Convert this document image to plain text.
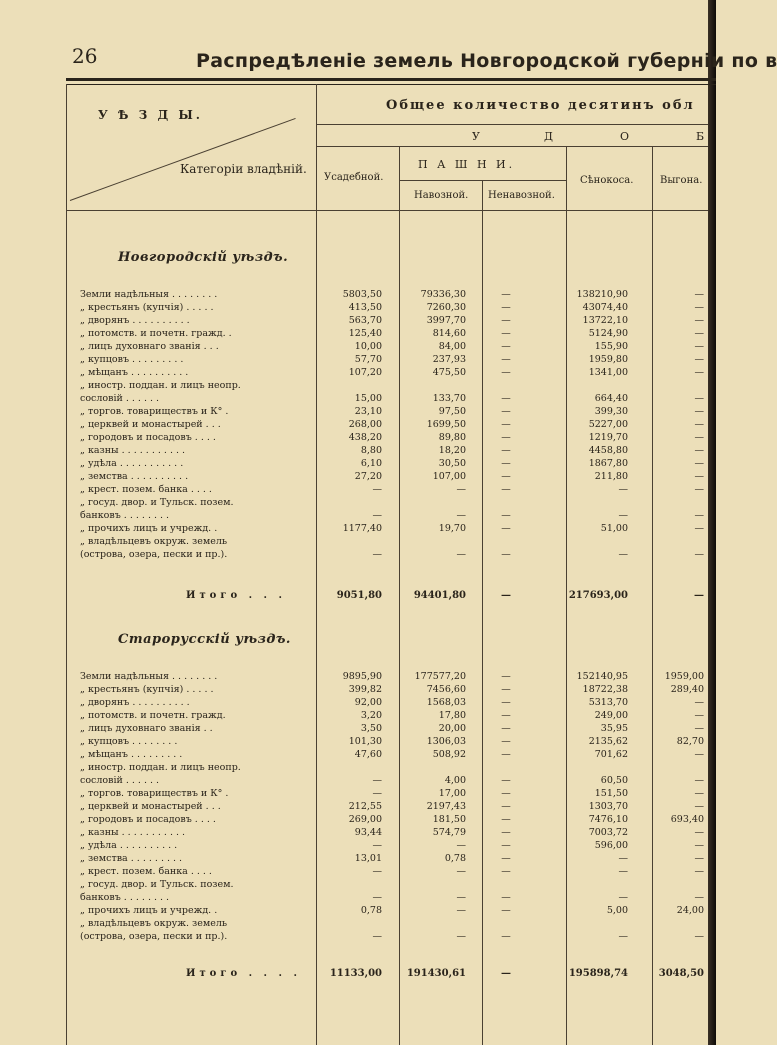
26	Распредѣленіе земель Новгородской губерніи по в
У Ѣ З Д Ы.
Категоріи владѣній.
Общее количество десятинъ обл
У	Д	О	Б
П А Ш Н И.
Усадебной.
Навозной. Ненавозной.
Сѣнокоса.	Выгона.
Новгородскій уѣздъ.
Старорусскій уѣздъ.
Земли надѣльныя . . . . . . . .	5803,50	79336,30	—	138210,90	—
„ крестьянъ (купчія) . . . . .	413,50	7260,30	—	43074,40	—
„ дворянъ . . . . . . . . . .	563,70	3997,70	—	13722,10	—
„ потомств. и почетн. гражд. .	125,40	814,60	—	5124,90	—
„ лицъ духовнаго званія . . .	10,00	84,00	—	155,90	—
„ купцовъ . . . . . . . . .	57,70	237,93	—	1959,80	—
„ мѣщанъ . . . . . . . . . .	107,20	475,50	—	1341,00	—
„ иностр. поддан. и лицъ неопр.
сословій . . . . . .	15,00	133,70	—	664,40	—
„ торгов. товариществъ и К° .	23,10	97,50	—	399,30	—
„ церквей и монастырей . . .	268,00	1699,50	—	5227,00	—
„ городовъ и посадовъ . . . .	438,20	89,80	—	1219,70	—
„ казны . . . . . . . . . . .	8,80	18,20	—	4458,80	—
„ удѣла . . . . . . . . . . .	6,10	30,50	—	1867,80	—
„ земства . . . . . . . . . .	27,20	107,00	—	211,80	—
„ крест. позем. банка . . . .	—	—	—	—	—
„ госуд. двор. и Тульск. позем.
банковъ . . . . . . . .	—	—	—	—	—
„ прочихъ лицъ и учрежд. .	1177,40	19,70	—	51,00	—
„ владѣльцевъ окруж. земель
(острова, озера, пески и пр.).	—	—	—	—	—
Итого . . .	9051,80	94401,80	—	217693,00	—
Земли надѣльныя . . . . . . . .	9895,90	177577,20	—	152140,95	1959,00
„ крестьянъ (купчія) . . . . .	399,82	7456,60	—	18722,38	289,40
„ дворянъ . . . . . . . . . .	92,00	1568,03	—	5313,70	—
„ потомств. и почетн. гражд.	3,20	17,80	—	249,00	—
„ лицъ духовнаго званія . .	3,50	20,00	—	35,95	—
„ купцовъ . . . . . . . .	101,30	1306,03	—	2135,62	82,70
„ мѣщанъ . . . . . . . . .	47,60	508,92	—	701,62	—
„ иностр. поддан. и лицъ неопр.
сословій . . . . . .	—	4,00	—	60,50	—
„ торгов. товариществъ и К° .	—	17,00	—	151,50	—
„ церквей и монастырей . . .	212,55	2197,43	—	1303,70	—
„ городовъ и посадовъ . . . .	269,00	181,50	—	7476,10	693,40
„ казны . . . . . . . . . . .	93,44	574,79	—	7003,72	—
„ удѣла . . . . . . . . . .	—	—	—	596,00	—
„ земства . . . . . . . . .	13,01	0,78	—	—	—
„ крест. позем. банка . . . .	—	—	—	—	—
„ госуд. двор. и Тульск. позем.
банковъ . . . . . . . .	—	—	—	—	—
„ прочихъ лицъ и учрежд. .	0,78	—	—	5,00	24,00
„ владѣльцевъ окруж. земель
(острова, озера, пески и пр.).	—	—	—	—	—
Итого . . . .	11133,00	191430,61	—	195898,74	3048,50
